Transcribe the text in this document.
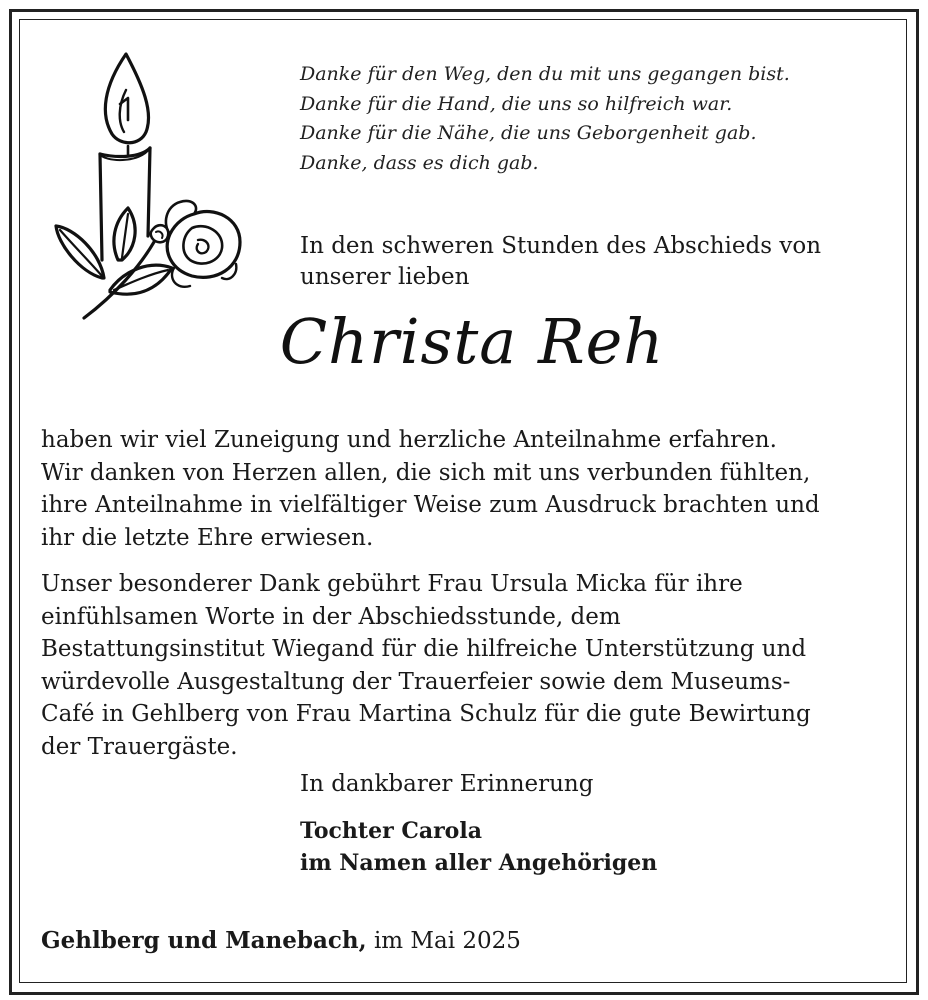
Danke für den Weg, den du mit uns gegangen bist.
Danke für die Hand, die uns so hilfreich war.
Danke für die Nähe, die uns Geborgenheit gab.
Danke, dass es dich gab.
In den schweren Stunden des Abschieds von
unserer lieben
Christa Reh
haben wir viel Zuneigung und herzliche Anteilnahme erfahren.
Wir danken von Herzen allen, die sich mit uns verbunden fühlten,
ihre Anteilnahme in vielfältiger Weise zum Ausdruck brachten und
ihr die letzte Ehre erwiesen.
Unser besonderer Dank gebührt Frau Ursula Micka für ihre
einfühlsamen Worte in der Abschiedsstunde, dem
Bestattungsinstitut Wiegand für die hilfreiche Unterstützung und
würdevolle Ausgestaltung der Trauerfeier sowie dem Museums-
Café in Gehlberg von Frau Martina Schulz für die gute Bewirtung
der Trauergäste.
In dankbarer Erinnerung
Tochter Carola
im Namen aller Angehörigen
Gehlberg und Manebach, im Mai 2025
